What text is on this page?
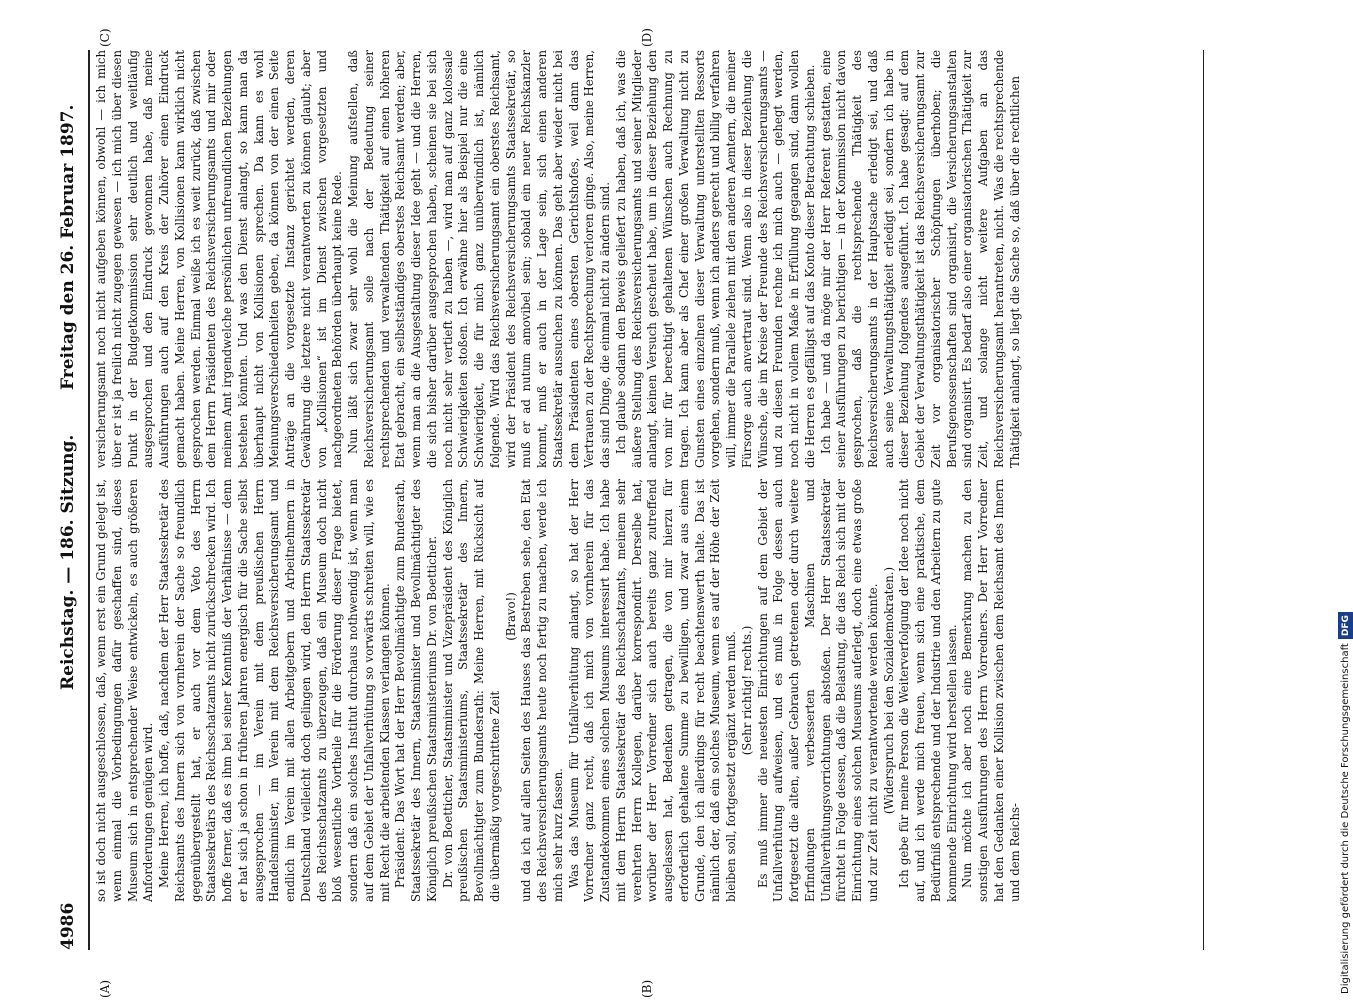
4986
Reichstag. — 186. Sitzung.
Freitag den 26. Februar 1897.
(A)	(B)
(C)	(D)

so ist doch nicht ausgeschlossen, daß, wenn erst ein Grund gelegt ist, wenn einmal die Vorbedingungen dafür geschaffen sind, dieses Museum sich in entsprechender Weise entwickeln, es auch größeren Anforderungen genügen wird. Meine Herren, ich hoffe, daß, nachdem der Herr Staatssekretär des Reichsamts des Innern sich von vornherein der Sache so freundlich gegenübergestellt hat, er auch vor dem Veto des Herrn Staatssekretärs des Reichsschatzamts nicht zurückschrecken wird. Ich hoffe ferner, daß es ihm bei seiner Kenntniß der Verhältnisse — denn er hat sich ja schon in früheren Jahren energisch für die Sache selbst ausgesprochen — im Verein mit dem preußischen Herrn Handelsminister, im Verein mit dem Reichsversicherungsamt und endlich im Verein mit allen Arbeitgebern und Arbeitnehmern in Deutschland vielleicht doch gelingen wird, den Herrn Staatssekretär des Reichsschatzamts zu überzeugen, daß ein Museum doch nicht bloß wesentliche Vortheile für die Förderung dieser Frage bietet, sondern daß ein solches Institut durchaus nothwendig ist, wenn man auf dem Gebiet der Unfallverhütung so vorwärts schreiten will, wie es mit Recht die arbeitenden Klassen verlangen können. Präsident: Das Wort hat der Herr Bevollmächtigte zum Bundesrath, Staatssekretär des Innern, Staatsminister und Bevollmächtigter des Königlich preußischen Staatsministeriums Dr. von Boetticher. Dr. von Boetticher, Staatsminister und Vizepräsident des Königlich preußischen Staatsministeriums, Staatssekretär des Innern, Bevollmächtigter zum Bundesrath: Meine Herren, mit Rücksicht auf die übermäßig vorgeschrittene Zeit

(Bravo!) und da ich auf allen Seiten des Hauses das Bestreben sehe, den Etat des Reichsversicherungsamts heute noch fertig zu machen, werde ich mich sehr kurz fassen. Was das Museum für Unfallverhütung anlangt, so hat der Herr Vorredner ganz recht, daß ich mich von vornherein für das Zustandekommen eines solchen Museums interessirt habe. Ich habe mit dem Herrn Staatssekretär des Reichsschatzamts, meinem sehr verehrten Herrn Kollegen, darüber korrespondirt. Derselbe hat, worüber der Herr Vorredner sich auch bereits ganz zutreffend ausgelassen hat, Bedenken getragen, die von mir hierzu für erforderlich gehaltene Summe zu bewilligen, und zwar aus einem Grunde, den ich allerdings für recht beachtenswerth halte. Das ist nämlich der, daß ein solches Museum, wenn es auf der Höhe der Zeit bleiben soll, fortgesetzt ergänzt werden muß. (Sehr richtig! rechts.) Es muß immer die neuesten Einrichtungen auf dem Gebiet der Unfallverhütung aufweisen, und es muß in Folge dessen auch fortgesetzt die alten, außer Gebrauch getretenen oder durch weitere Erfindungen verbesserten Maschinen und Unfallverhütungsvorrichtungen abstoßen. Der Herr Staatssekretär fürchtet in Folge dessen, daß die Belastung, die das Reich sich mit der Einrichtung eines solchen Museums auferlegt, doch eine etwas große und zur Zeit nicht zu verantwortende werden könnte. (Widerspruch bei den Sozialdemokraten.) Ich gebe für meine Person die Weiterverfolgung der Idee noch nicht auf, und ich werde mich freuen, wenn sich eine praktische, dem Bedürfniß entsprechende und der Industrie und den Arbeitern zu gute kommende Einrichtung wird herstellen lassen. Nun möchte ich aber noch eine Bemerkung machen zu den sonstigen Ausführungen des Herrn Vorredners. Der Herr Vorredner hat den Gedanken einer Kollision zwischen dem Reichsamt des Innern und dem Reichs-

versicherungsamt noch nicht aufgeben können, obwohl — ich mich über er ist ja freilich nicht zugegen gewesen — ich mich über diesen Punkt in der Budgetkommission sehr deutlich und weitläufig ausgesprochen und den Eindruck gewonnen habe, daß meine Ausführungen auch auf den Kreis der Zuhörer einen Eindruck gemacht haben. Meine Herren, von Kollisionen kann wirklich nicht gesprochen werden. Einmal weiße ich es weit zurück, daß zwischen dem Herrn Präsidenten des Reichsversicherungsamts und mir oder meinem Amt irgendwelche persönlichen unfreundlichen Beziehungen bestehen könnten. Und was den Dienst anlangt, so kann man da überhaupt nicht von Kollisionen sprechen. Da kann es wohl Meinungsverschiedenheiten geben, da können von der einen Seite Anträge an die vorgesetzte Instanz gerichtet werden, deren Gewährung die letztere nicht verantworten zu können glaubt; aber von „Kollisionen“ ist im Dienst zwischen vorgesetzten und nachgeordneten Behörden überhaupt keine Rede. Nun läßt sich zwar sehr wohl die Meinung aufstellen, daß Reichsversicherungsamt solle nach der Bedeutung seiner rechtsprechenden und verwaltenden Thätigkeit auf einen höheren Etat gebracht, ein selbstständiges oberstes Reichsamt werden; aber, wenn man an die Ausgestaltung dieser Idee geht — und die Herren, die sich bisher darüber ausgesprochen haben, scheinen sie bei sich noch nicht sehr vertieft zu haben —, wird man auf ganz kolossale Schwierigkeiten stoßen. Ich erwähne hier als Beispiel nur die eine Schwierigkeit, die für mich ganz unüberwindlich ist, nämlich folgende. Wird das Reichsversicherungsamt ein oberstes Reichsamt, wird der Präsident des Reichsversicherungsamts Staatssekretär, so muß er ad nutum amovibel sein; sobald ein neuer Reichskanzler kommt, muß er auch in der Lage sein, sich einen anderen Staatssekretär aussuchen zu können. Das geht aber wieder nicht bei dem Präsidenten eines obersten Gerichtshofes, weil dann das Vertrauen zu der Rechtsprechung verloren ginge. Also, meine Herren, das sind Dinge, die einmal nicht zu ändern sind. Ich glaube sodann den Beweis geliefert zu haben, daß ich, was die äußere Stellung des Reichsversicherungsamts und seiner Mitglieder anlangt, keinen Versuch gescheut habe, um in dieser Beziehung den von mir für berechtigt gehaltenen Wünschen auch Rechnung zu tragen. Ich kann aber als Chef einer großen Verwaltung nicht zu Gunsten eines einzelnen dieser Verwaltung unterstellten Ressorts vorgehen, sondern muß, wenn ich anders gerecht und billig verfahren will, immer die Parallele ziehen mit den anderen Aemtern, die meiner Fürsorge auch anvertraut sind. Wenn also in dieser Beziehung die Wünsche, die im Kreise der Freunde des Reichsversicherungsamts — und zu diesen Freunden rechne ich mich auch — gehegt werden, noch nicht in vollem Maße in Erfüllung gegangen sind, dann wollen die Herren es gefälligst auf das Konto dieser Betrachtung schieben. Ich habe — und da möge mir der Herr Referent gestatten, eine seiner Ausführungen zu berichtigen — in der Kommission nicht davon gesprochen, daß die rechtsprechende Thätigkeit des Reichsversicherungsamts in der Hauptsache erledigt sei, und daß auch seine Verwaltungsthätigkeit erledigt sei, sondern ich habe in dieser Beziehung folgendes ausgeführt. Ich habe gesagt: auf dem Gebiet der Verwaltungsthätigkeit ist das Reichsversicherungsamt zur Zeit vor organisatorischer Schöpfungen überhoben; die Berufsgenossenschaften sind organisirt, die Versicherungsanstalten sind organisirt. Es bedarf also einer organisatorischen Thätigkeit zur Zeit, und solange nicht weitere Aufgaben an das Reichsversicherungsamt herantreten, nicht. Was die rechtsprechende Thätigkeit anlangt, so liegt die Sache so, daß über die rechtlichen

Digitalisierung gefördert durch die Deutsche ForschungsgemeinschaftDFG
